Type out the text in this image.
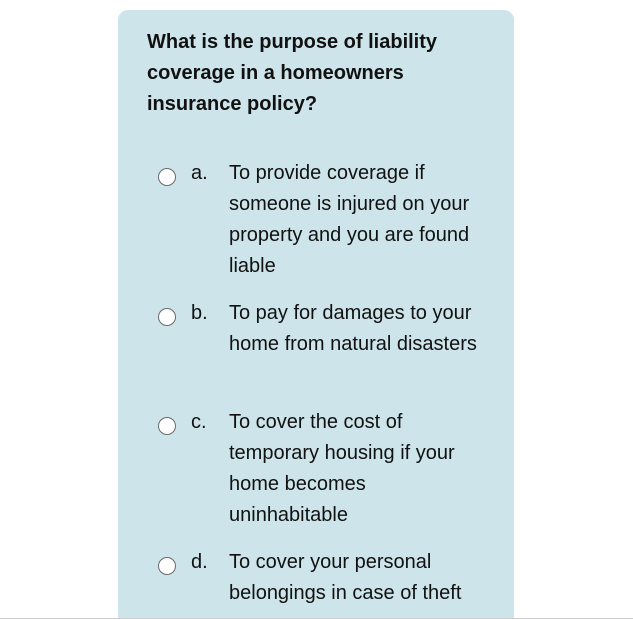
What is the purpose of liability coverage in a homeowners insurance policy?
a. To provide coverage if someone is injured on your property and you are found liable
b. To pay for damages to your home from natural disasters
c. To cover the cost of temporary housing if your home becomes uninhabitable
d. To cover your personal belongings in case of theft
